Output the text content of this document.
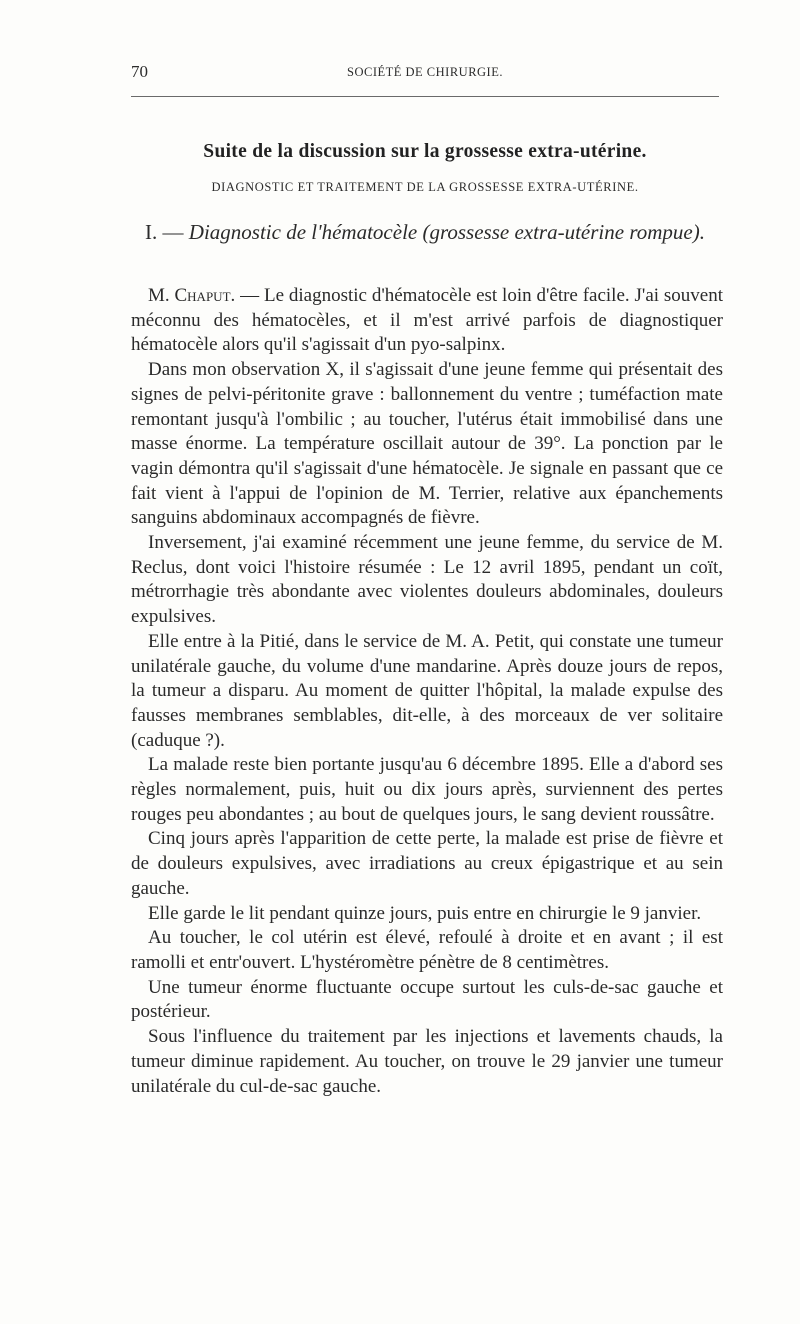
70	SOCIÉTÉ DE CHIRURGIE.
Suite de la discussion sur la grossesse extra-utérine.
DIAGNOSTIC ET TRAITEMENT DE LA GROSSESSE EXTRA-UTÉRINE.
I. — Diagnostic de l'hématocèle (grossesse extra-utérine rompue).

M. Chaput. — Le diagnostic d'hématocèle est loin d'être facile. J'ai souvent méconnu des hématocèles, et il m'est arrivé parfois de diagnostiquer hématocèle alors qu'il s'agissait d'un pyo-salpinx.

Dans mon observation X, il s'agissait d'une jeune femme qui présentait des signes de pelvi-péritonite grave : ballonnement du ventre ; tuméfaction mate remontant jusqu'à l'ombilic ; au toucher, l'utérus était immobilisé dans une masse énorme. La température oscillait autour de 39°. La ponction par le vagin démontra qu'il s'agissait d'une hématocèle. Je signale en passant que ce fait vient à l'appui de l'opinion de M. Terrier, relative aux épanchements sanguins abdominaux accompagnés de fièvre.

Inversement, j'ai examiné récemment une jeune femme, du service de M. Reclus, dont voici l'histoire résumée : Le 12 avril 1895, pendant un coït, métrorrhagie très abondante avec violentes douleurs abdominales, douleurs expulsives.

Elle entre à la Pitié, dans le service de M. A. Petit, qui constate une tumeur unilatérale gauche, du volume d'une mandarine. Après douze jours de repos, la tumeur a disparu. Au moment de quitter l'hôpital, la malade expulse des fausses membranes semblables, dit-elle, à des morceaux de ver solitaire (caduque ?).

La malade reste bien portante jusqu'au 6 décembre 1895. Elle a d'abord ses règles normalement, puis, huit ou dix jours après, surviennent des pertes rouges peu abondantes ; au bout de quelques jours, le sang devient roussâtre.

Cinq jours après l'apparition de cette perte, la malade est prise de fièvre et de douleurs expulsives, avec irradiations au creux épigastrique et au sein gauche.

Elle garde le lit pendant quinze jours, puis entre en chirurgie le 9 janvier.

Au toucher, le col utérin est élevé, refoulé à droite et en avant ; il est ramolli et entr'ouvert. L'hystéromètre pénètre de 8 centimètres.

Une tumeur énorme fluctuante occupe surtout les culs-de-sac gauche et postérieur.

Sous l'influence du traitement par les injections et lavements chauds, la tumeur diminue rapidement. Au toucher, on trouve le 29 janvier une tumeur unilatérale du cul-de-sac gauche.
